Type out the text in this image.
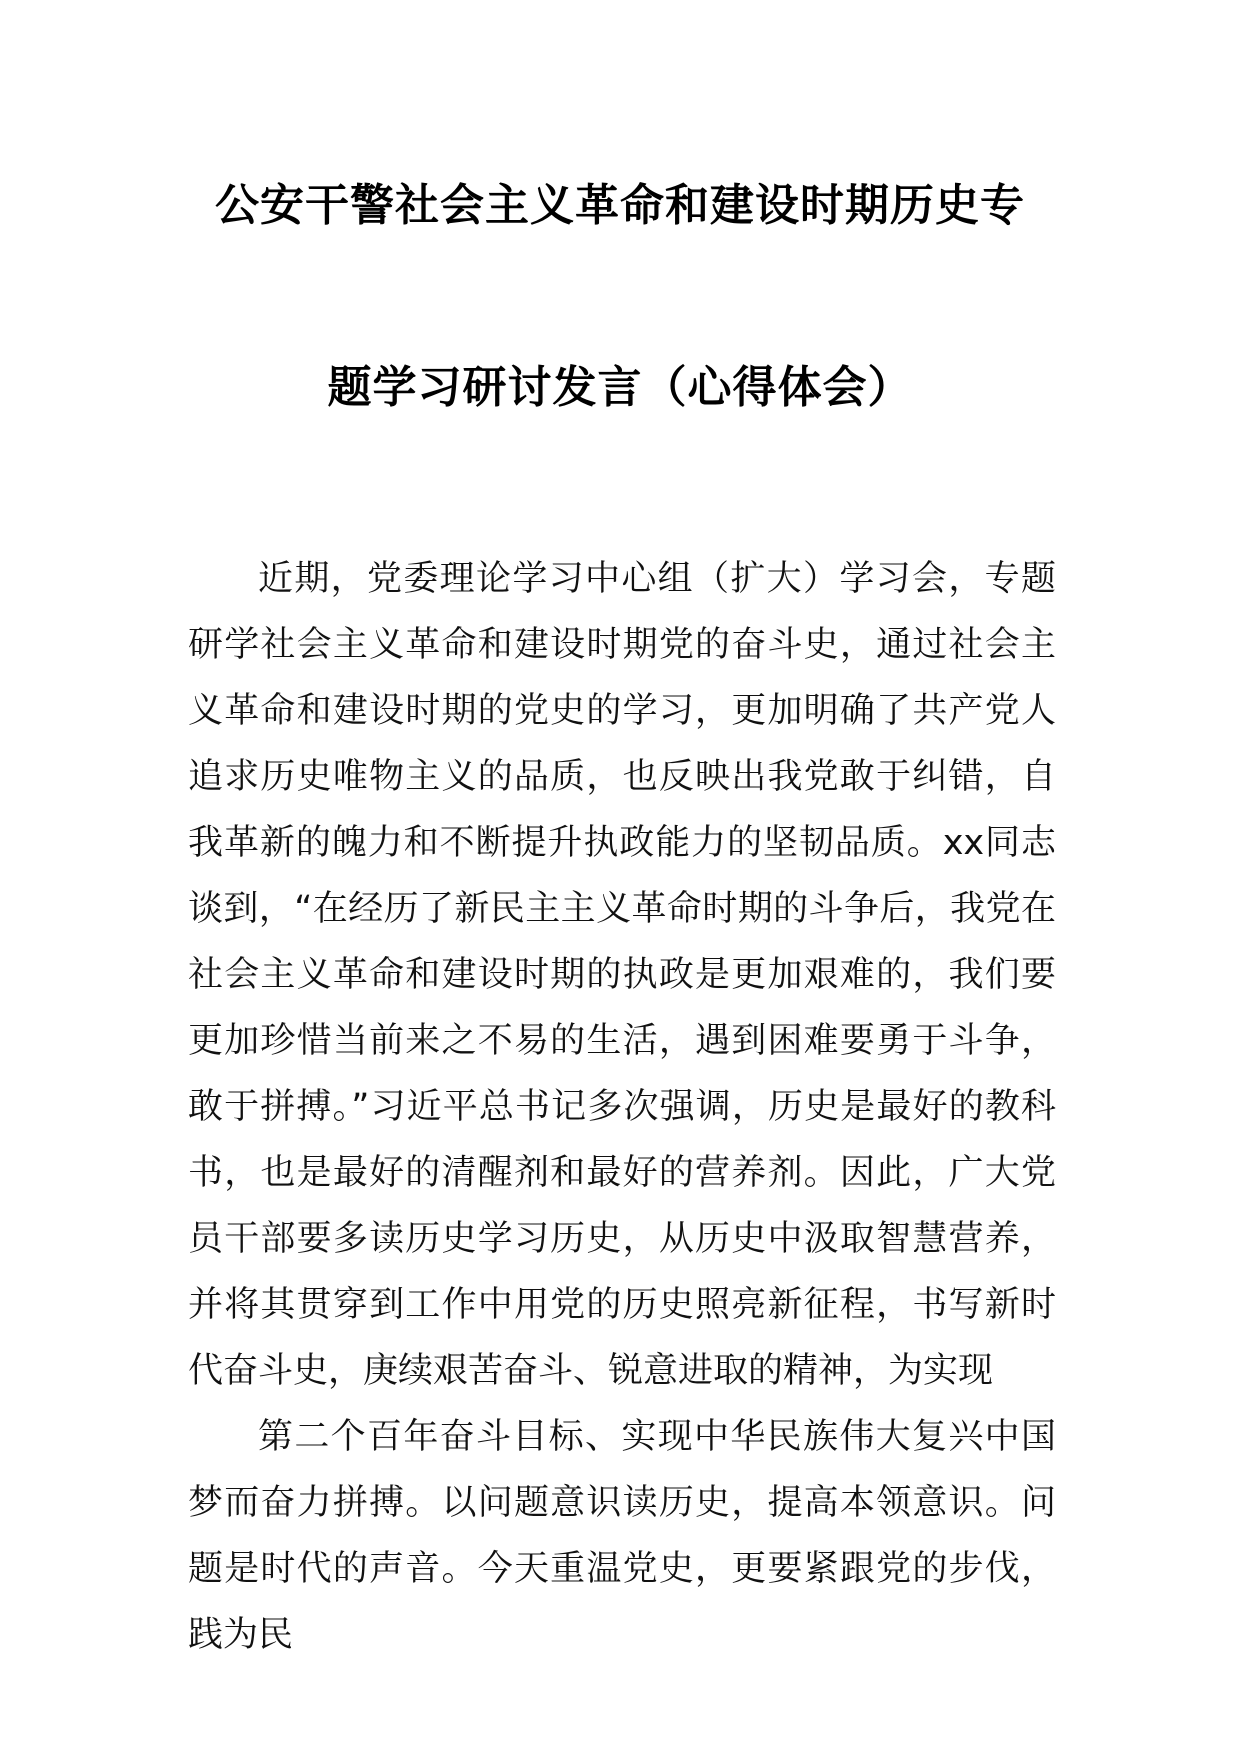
公安干警社会主义革命和建设时期历史专
题学习研讨发言（心得体会）

近期，党委理论学习中心组（扩大）学习会，专题研学社会主义革命和建设时期党的奋斗史，通过社会主义革命和建设时期的党史的学习，更加明确了共产党人追求历史唯物主义的品质，也反映出我党敢于纠错，自我革新的魄力和不断提升执政能力的坚韧品质。xx同志谈到，“在经历了新民主主义革命时期的斗争后，我党在社会主义革命和建设时期的执政是更加艰难的，我们要更加珍惜当前来之不易的生活，遇到困难要勇于斗争，敢于拼搏。”习近平总书记多次强调，历史是最好的教科书，也是最好的清醒剂和最好的营养剂。因此，广大党员干部要多读历史学习历史，从历史中汲取智慧营养，并将其贯穿到工作中用党的历史照亮新征程，书写新时代奋斗史，庚续艰苦奋斗、锐意进取的精神，为实现

第二个百年奋斗目标、实现中华民族伟大复兴中国梦而奋力拼搏。以问题意识读历史，提高本领意识。问题是时代的声音。今天重温党史，更要紧跟党的步伐，践为民
